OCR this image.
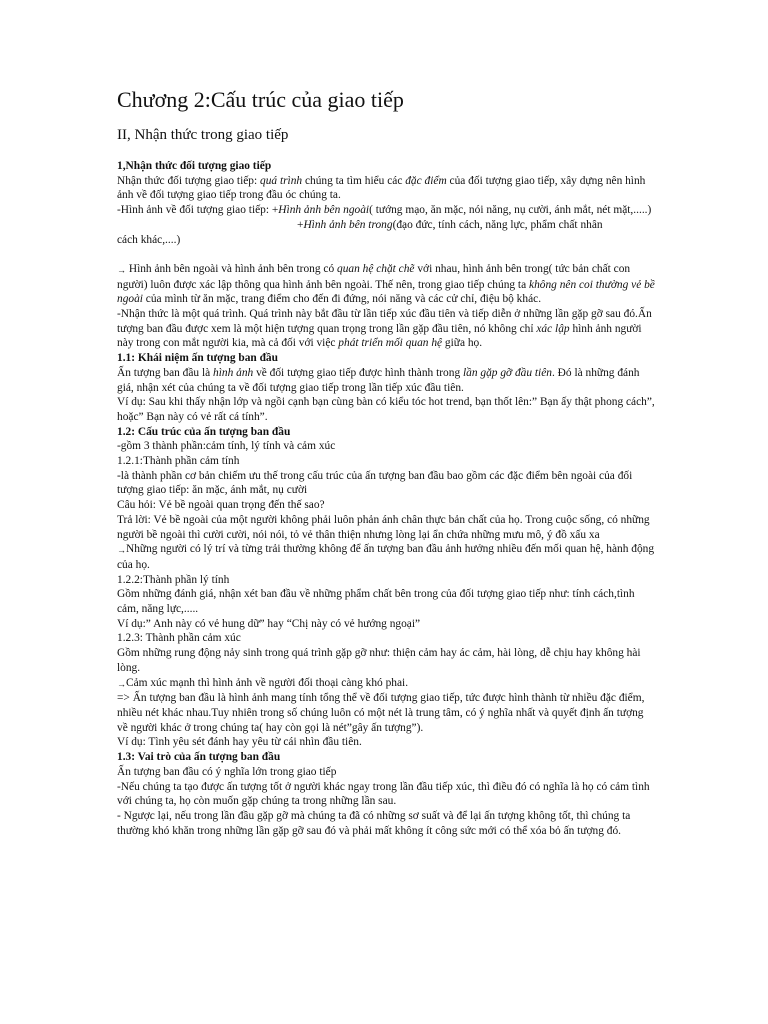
Chương 2:Cấu trúc của giao tiếp
II, Nhận thức trong giao tiếp

1,Nhận thức đối tượng giao tiếp

Nhận thức đối tượng giao tiếp: quá trình chúng ta tìm hiểu các đặc điểm của đối tượng giao tiếp, xây dựng nên hình ảnh về đối tượng giao tiếp trong đầu óc chúng ta.

-Hình ảnh về đối tượng giao tiếp: +Hình ảnh bên ngoài( tướng mạo, ăn mặc, nói năng, nụ cười, ánh mắt, nét mặt,.....)

+Hình ảnh bên trong(đạo đức, tính cách, năng lực, phẩm chất nhân

cách khác,....)

→ Hình ảnh bên ngoài và hình ảnh bên trong có quan hệ chặt chẽ với nhau, hình ảnh bên trong( tức bản chất con người) luôn được xác lập thông qua hình ảnh bên ngoài. Thế nên, trong giao tiếp chúng ta không nên coi thường vẻ bề ngoài của mình từ ăn mặc, trang điểm cho đến đi đứng, nói năng và các cử chỉ, điệu bộ khác.

-Nhận thức là một quá trình. Quá trình này bắt đầu từ lần tiếp xúc đầu tiên và tiếp diễn ở những lần gặp gỡ sau đó.Ấn tượng ban đầu được xem là một hiện tượng quan trọng trong lần gặp đầu tiên, nó không chỉ xác lập hình ảnh người này trong con mắt người kia, mà cả đối với việc phát triển mối quan hệ giữa họ.

1.1: Khái niệm ấn tượng ban đầu

Ấn tượng ban đầu là hình ảnh về đối tượng giao tiếp được hình thành trong lần gặp gỡ đầu tiên. Đó là những đánh giá, nhận xét của chúng ta về đối tượng giao tiếp trong lần tiếp xúc đầu tiên.

Ví dụ: Sau khi thấy nhận lớp và ngồi cạnh bạn cùng bàn có kiểu tóc hot trend, bạn thốt lên:” Bạn ấy thật phong cách”, hoặc” Bạn này có vẻ rất cá tính”.

1.2: Cấu trúc của ấn tượng ban đầu

-gồm 3 thành phần:cảm tính, lý tính và cảm xúc

1.2.1:Thành phần cảm tính

-là thành phần cơ bản chiếm ưu thế trong cấu trúc của ấn tượng ban đầu bao gồm các đặc điểm bên ngoài của đối tượng giao tiếp: ăn mặc, ánh mắt, nụ cười

Câu hỏi: Vẻ bề ngoài quan trọng đến thế sao?

Trả lời: Vẻ bề ngoài của một người không phải luôn phản ánh chân thực bản chất của họ. Trong cuộc sống, có những người bề ngoài thì cười cười, nói nói, tỏ vẻ thân thiện nhưng lòng lại ẩn chứa những mưu mô, ý đồ xấu xa

→Những người có lý trí và từng trải thường không để ấn tượng ban đầu ảnh hưởng nhiều đến mối quan hệ, hành động của họ.

1.2.2:Thành phần lý tính

Gồm những đánh giá, nhận xét ban đầu về những phẩm chất bên trong của đối tượng giao tiếp như: tính cách,tình cảm, năng lực,.....

Ví dụ:” Anh này có vẻ hung dữ” hay “Chị này có vẻ hướng ngoại”

1.2.3: Thành phần cảm xúc

Gồm những rung động nảy sinh trong quá trình gặp gỡ như: thiện cảm hay ác cảm, hài lòng, dễ chịu hay không hài lòng.

→Cảm xúc mạnh thì hình ảnh về người đối thoại càng khó phai.

=> Ấn tượng ban đầu là hình ảnh mang tính tổng thể về đối tượng giao tiếp, tức được hình thành từ nhiều đặc điểm, nhiều nét khác nhau.Tuy nhiên trong số chúng luôn có một nét là trung tâm, có ý nghĩa nhất và quyết định ấn tượng về người khác ở trong chúng ta( hay còn gọi là nét”gây ấn tượng”).

Ví dụ: Tình yêu sét đánh hay yêu từ cái nhìn đầu tiên.

1.3: Vai trò của ấn tượng ban đầu

Ấn tượng ban đầu có ý nghĩa lớn trong giao tiếp

-Nếu chúng ta tạo được ấn tượng tốt ở người khác ngay trong lần đầu tiếp xúc, thì điều đó có nghĩa là họ có cảm tình với chúng ta, họ còn muốn gặp chúng ta trong những lần sau.

- Ngược lại, nếu trong lần đầu gặp gỡ mà chúng ta đã có những sơ suất và để lại ấn tượng không tốt, thì chúng ta thường khó khăn trong những lần gặp gỡ sau đó và phải mất không ít công sức mới có thể xóa bỏ ấn tượng đó.
